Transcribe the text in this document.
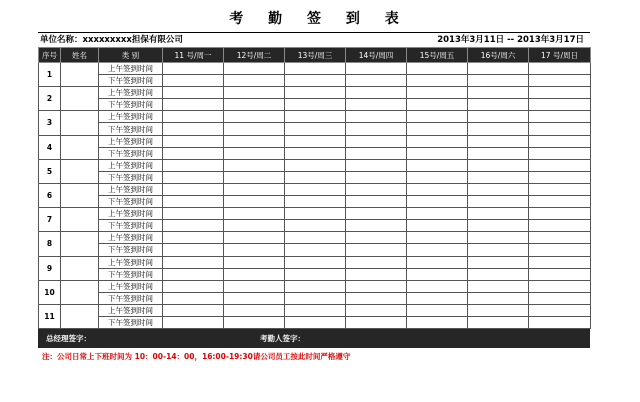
考 勤 签 到 表
单位名称：xxxxxxxxx担保有限公司	2013年3月11日 -- 2013年3月17日
序号	姓名	类 别	11 号/周一	12号/周二	13号/周三	14号/周四	15号/周五	16号/周六	17 号/周日
1		上午签到时间							
		下午签到时间							
2		上午签到时间							
		下午签到时间							
3		上午签到时间							
		下午签到时间							
4		上午签到时间							
		下午签到时间							
5		上午签到时间							
		下午签到时间							
6		上午签到时间							
		下午签到时间							
7		上午签到时间							
		下午签到时间							
8		上午签到时间							
		下午签到时间							
9		上午签到时间							
		下午签到时间							
10		上午签到时间							
		下午签到时间							
11		上午签到时间							
		下午签到时间							
总经理签字：	考勤人签字：
注：公司日常上下班时间为 10：00-14：00，16:00-19:30请公司员工按此时间严格遵守
